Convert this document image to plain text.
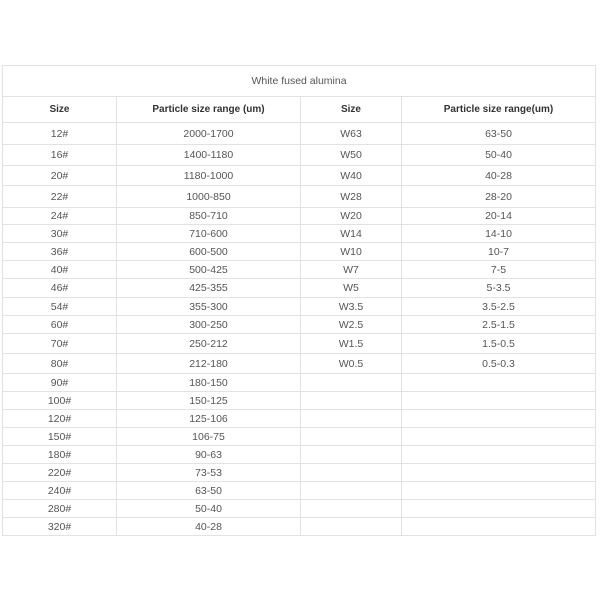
White fused alumina			
Size	Particle size range (um)	Size	Particle size range(um)
12#	2000-1700	W63	63-50
16#	1400-1180	W50	50-40
20#	1180-1000	W40	40-28
22#	1000-850	W28	28-20
24#	850-710	W20	20-14
30#	710-600	W14	14-10
36#	600-500	W10	10-7
40#	500-425	W7	7-5
46#	425-355	W5	5-3.5
54#	355-300	W3.5	3.5-2.5
60#	300-250	W2.5	2.5-1.5
70#	250-212	W1.5	1.5-0.5
80#	212-180	W0.5	0.5-0.3
90#	180-150		
100#	150-125		
120#	125-106		
150#	106-75		
180#	90-63		
220#	73-53		
240#	63-50		
280#	50-40		
320#	40-28		
